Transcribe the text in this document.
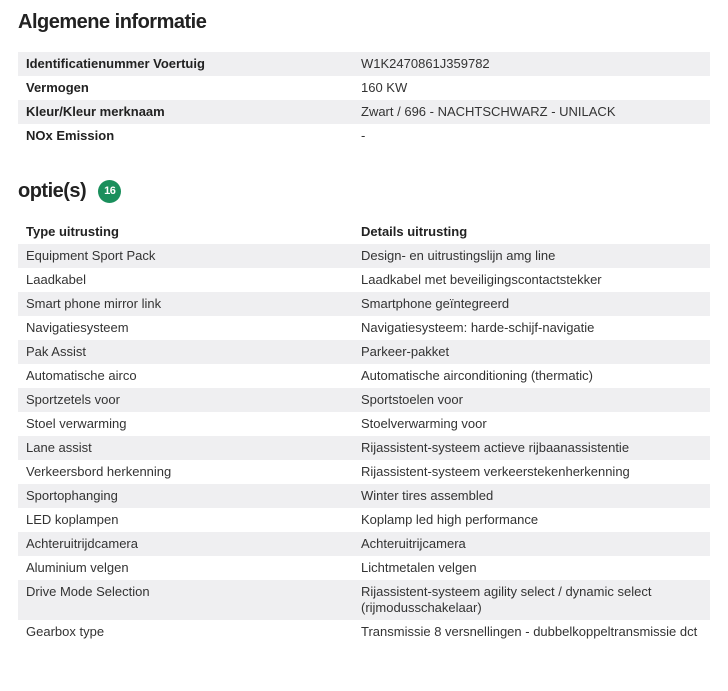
Algemene informatie
Identificatienummer Voertuig	W1K2470861J359782
Vermogen	160 KW
Kleur/Kleur merknaam	Zwart / 696 - NACHTSCHWARZ - UNILACK
NOx Emission	-
optie(s)	16
Type uitrusting	Details uitrusting
Equipment Sport Pack	Design- en uitrustingslijn amg line
Laadkabel	Laadkabel met beveiligingscontactstekker
Smart phone mirror link	Smartphone geïntegreerd
Navigatiesysteem	Navigatiesysteem: harde-schijf-navigatie
Pak Assist	Parkeer-pakket
Automatische airco	Automatische airconditioning (thermatic)
Sportzetels voor	Sportstoelen voor
Stoel verwarming	Stoelverwarming voor
Lane assist	Rijassistent-systeem actieve rijbaanassistentie
Verkeersbord herkenning	Rijassistent-systeem verkeerstekenherkenning
Sportophanging	Winter tires assembled
LED koplampen	Koplamp led high performance
Achteruitrijdcamera	Achteruitrijcamera
Aluminium velgen	Lichtmetalen velgen
Drive Mode Selection	Rijassistent-systeem agility select / dynamic select (rijmodusschakelaar)
Gearbox type	Transmissie 8 versnellingen - dubbelkoppeltransmissie dct
